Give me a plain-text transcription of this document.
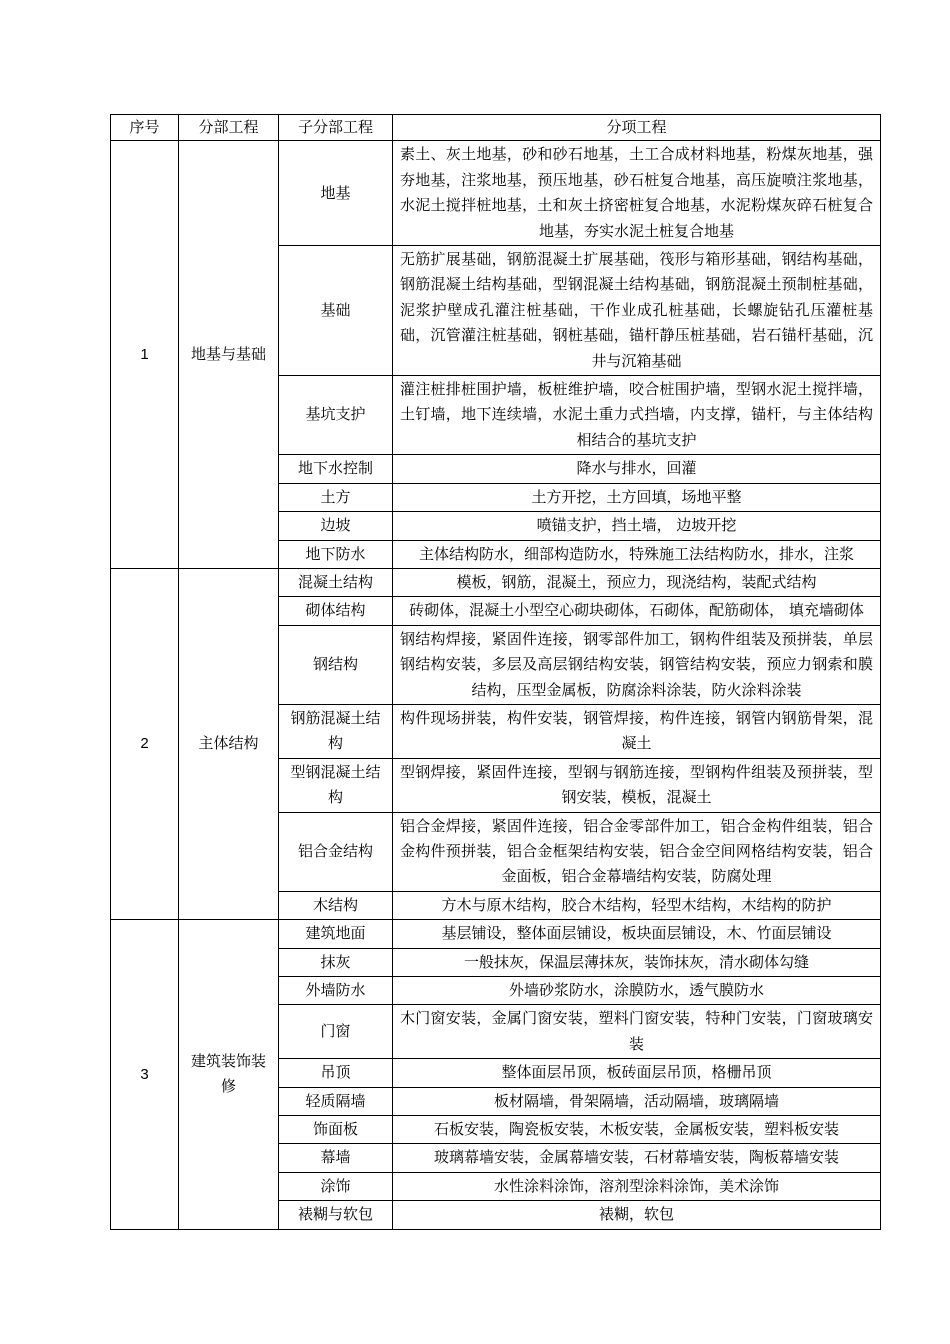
序号	分部工程	子分部工程	分项工程
1	地基与基础	地基	素土、灰土地基，砂和砂石地基，土工合成材料地基，粉煤灰地基，强夯地基，注浆地基，预压地基，砂石桩复合地基，高压旋喷注浆地基，水泥土搅拌桩地基，土和灰土挤密桩复合地基，水泥粉煤灰碎石桩复合地基，夯实水泥土桩复合地基
		基础	无筋扩展基础，钢筋混凝土扩展基础，筏形与箱形基础，钢结构基础，钢筋混凝土结构基础，型钢混凝土结构基础，钢筋混凝土预制桩基础，泥浆护壁成孔灌注桩基础，干作业成孔桩基础，长螺旋钻孔压灌桩基础，沉管灌注桩基础，钢桩基础，锚杆静压桩基础，岩石锚杆基础，沉井与沉箱基础
		基坑支护	灌注桩排桩围护墙，板桩维护墙，咬合桩围护墙，型钢水泥土搅拌墙，土钉墙，地下连续墙，水泥土重力式挡墙，内支撑，锚杆，与主体结构相结合的基坑支护
		地下水控制	降水与排水，回灌
		土方	土方开挖，土方回填，场地平整
		边坡	喷锚支护，挡土墙， 边坡开挖
		地下防水	主体结构防水，细部构造防水，特殊施工法结构防水，排水，注浆
2	主体结构	混凝土结构	模板，钢筋，混凝土，预应力，现浇结构，装配式结构
		砌体结构	砖砌体，混凝土小型空心砌块砌体，石砌体，配筋砌体， 填充墙砌体
		钢结构	钢结构焊接，紧固件连接，钢零部件加工，钢构件组装及预拼装，单层钢结构安装，多层及高层钢结构安装，钢管结构安装，预应力钢索和膜结构，压型金属板，防腐涂料涂装，防火涂料涂装
		钢筋混凝土结构	构件现场拼装，构件安装，钢管焊接，构件连接，钢管内钢筋骨架，混凝土
		型钢混凝土结构	型钢焊接，紧固件连接，型钢与钢筋连接，型钢构件组装及预拼装，型钢安装，模板，混凝土
		铝合金结构	铝合金焊接，紧固件连接，铝合金零部件加工，铝合金构件组装，铝合金构件预拼装，铝合金框架结构安装，铝合金空间网格结构安装，铝合金面板，铝合金幕墙结构安装，防腐处理
		木结构	方木与原木结构，胶合木结构，轻型木结构，木结构的防护
3	建筑装饰装修	建筑地面	基层铺设，整体面层铺设，板块面层铺设，木、竹面层铺设
		抹灰	一般抹灰，保温层薄抹灰，装饰抹灰，清水砌体勾缝
		外墙防水	外墙砂浆防水，涂膜防水，透气膜防水
		门窗	木门窗安装，金属门窗安装，塑料门窗安装，特种门安装，门窗玻璃安装
		吊顶	整体面层吊顶，板砖面层吊顶，格栅吊顶
		轻质隔墙	板材隔墙，骨架隔墙，活动隔墙，玻璃隔墙
		饰面板	石板安装，陶瓷板安装，木板安装，金属板安装，塑料板安装
		幕墙	玻璃幕墙安装，金属幕墙安装，石材幕墙安装，陶板幕墙安装
		涂饰	水性涂料涂饰，溶剂型涂料涂饰，美术涂饰
		裱糊与软包	裱糊，软包
